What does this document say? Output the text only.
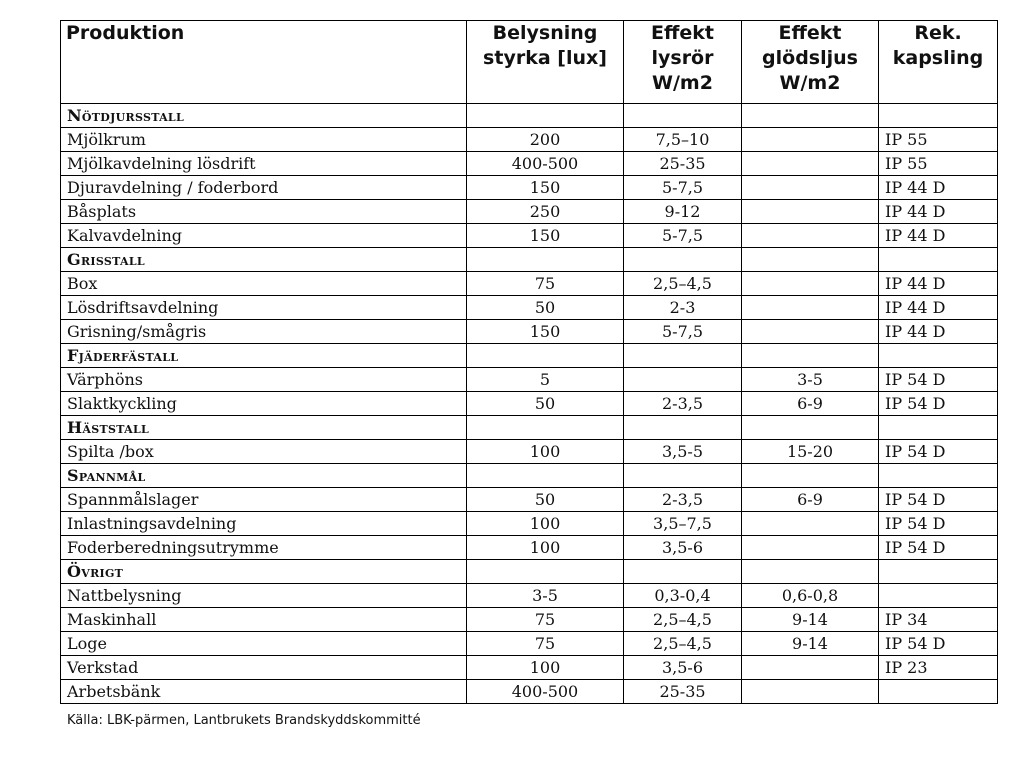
Produktion	Belysning styrka [lux]	Effekt lysrör W/m2	Effekt glödsljus W/m2	Rek. kapsling
Nötdjursstall				
Mjölkrum	200	7,5–10		IP 55
Mjölkavdelning lösdrift	400-500	25-35		IP 55
Djuravdelning / foderbord	150	5-7,5		IP 44 D
Båsplats	250	9-12		IP 44 D
Kalvavdelning	150	5-7,5		IP 44 D
Grisstall				
Box	75	2,5–4,5		IP 44 D
Lösdriftsavdelning	50	2-3		IP 44 D
Grisning/smågris	150	5-7,5		IP 44 D
Fjäderfästall				
Värphöns	5		3-5	IP 54 D
Slaktkyckling	50	2-3,5	6-9	IP 54 D
Häststall				
Spilta /box	100	3,5-5	15-20	IP 54 D
Spannmål				
Spannmålslager	50	2-3,5	6-9	IP 54 D
Inlastningsavdelning	100	3,5–7,5		IP 54 D
Foderberedningsutrymme	100	3,5-6		IP 54 D
Övrigt				
Nattbelysning	3-5	0,3-0,4	0,6-0,8	
Maskinhall	75	2,5–4,5	9-14	IP 34
Loge	75	2,5–4,5	9-14	IP 54 D
Verkstad	100	3,5-6		IP 23
Arbetsbänk	400-500	25-35		
Källa: LBK-pärmen, Lantbrukets Brandskyddskommitté
